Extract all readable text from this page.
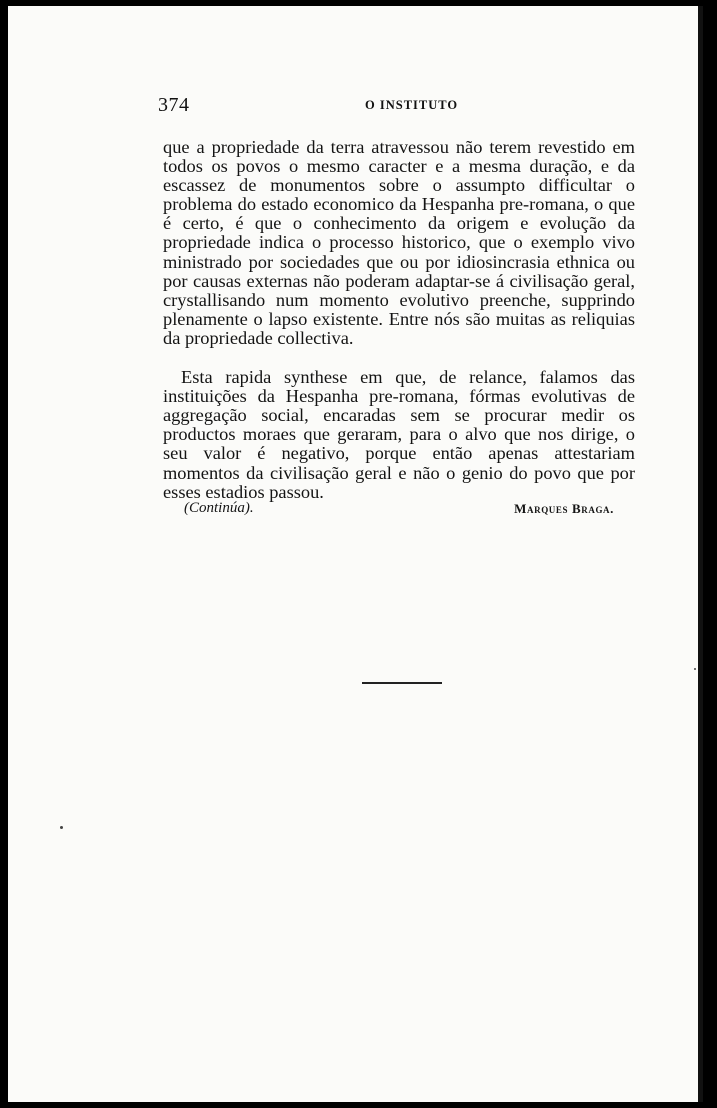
374	O INSTITUTO

que a propriedade da terra atravessou não terem revestido em todos os povos o mesmo caracter e a mesma duração, e da escassez de monumentos sobre o assumpto difficultar o problema do estado economico da Hespanha pre-romana, o que é certo, é que o conhecimento da origem e evolução da propriedade indica o processo historico, que o exemplo vivo ministrado por sociedades que ou por idiosincrasia ethnica ou por causas externas não poderam adaptar-se á civilisação geral, crystallisando num momento evolutivo preenche, supprindo plenamente o lapso existente. Entre nós são muitas as reliquias da propriedade collectiva.

Esta rapida synthese em que, de relance, falamos das instituições da Hespanha pre-romana, fórmas evolutivas de aggregação social, encaradas sem se procurar medir os productos moraes que geraram, para o alvo que nos dirige, o seu valor é negativo, porque então apenas attestariam momentos da civilisação geral e não o genio do povo que por esses estadios passou.

(Continúa).	Marques Braga.
